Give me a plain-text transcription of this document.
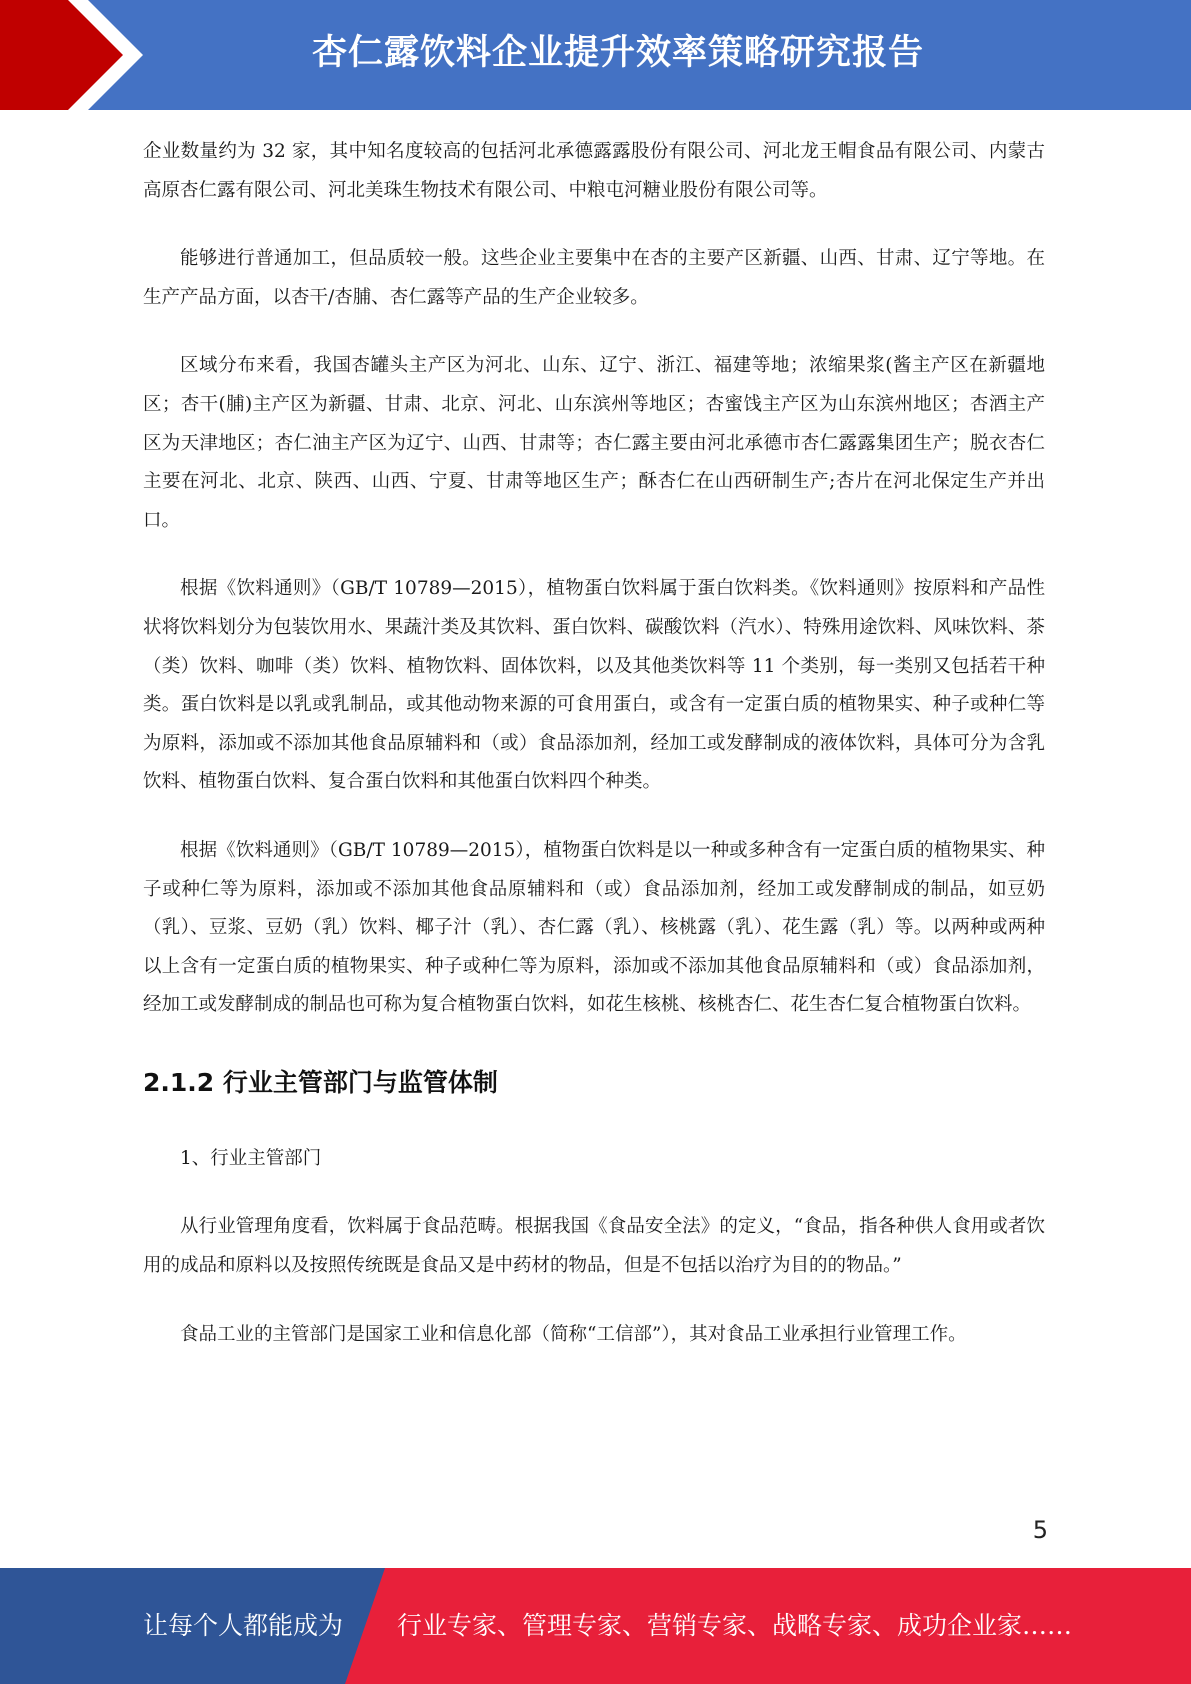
杏仁露饮料企业提升效率策略研究报告

企业数量约为 32 家，其中知名度较高的包括河北承德露露股份有限公司、河北龙王帽食品有限公司、内蒙古高原杏仁露有限公司、河北美珠生物技术有限公司、中粮屯河糖业股份有限公司等。

能够进行普通加工，但品质较一般。这些企业主要集中在杏的主要产区新疆、山西、甘肃、辽宁等地。在生产产品方面，以杏干/杏脯、杏仁露等产品的生产企业较多。

区域分布来看，我国杏罐头主产区为河北、山东、辽宁、浙江、福建等地；浓缩果浆(酱主产区在新疆地区；杏干(脯)主产区为新疆、甘肃、北京、河北、山东滨州等地区；杏蜜饯主产区为山东滨州地区；杏酒主产区为天津地区；杏仁油主产区为辽宁、山西、甘肃等；杏仁露主要由河北承德市杏仁露露集团生产；脱衣杏仁主要在河北、北京、陕西、山西、宁夏、甘肃等地区生产；酥杏仁在山西研制生产;杏片在河北保定生产并出口。

根据《饮料通则》（GB/T 10789—2015），植物蛋白饮料属于蛋白饮料类。《饮料通则》按原料和产品性状将饮料划分为包装饮用水、果蔬汁类及其饮料、蛋白饮料、碳酸饮料（汽水）、特殊用途饮料、风味饮料、茶（类）饮料、咖啡（类）饮料、植物饮料、固体饮料，以及其他类饮料等 11 个类别，每一类别又包括若干种类。蛋白饮料是以乳或乳制品，或其他动物来源的可食用蛋白，或含有一定蛋白质的植物果实、种子或种仁等为原料，添加或不添加其他食品原辅料和（或）食品添加剂，经加工或发酵制成的液体饮料，具体可分为含乳饮料、植物蛋白饮料、复合蛋白饮料和其他蛋白饮料四个种类。

根据《饮料通则》（GB/T 10789—2015），植物蛋白饮料是以一种或多种含有一定蛋白质的植物果实、种子或种仁等为原料，添加或不添加其他食品原辅料和（或）食品添加剂，经加工或发酵制成的制品，如豆奶（乳）、豆浆、豆奶（乳）饮料、椰子汁（乳）、杏仁露（乳）、核桃露（乳）、花生露（乳）等。以两种或两种以上含有一定蛋白质的植物果实、种子或种仁等为原料，添加或不添加其他食品原辅料和（或）食品添加剂，经加工或发酵制成的制品也可称为复合植物蛋白饮料，如花生核桃、核桃杏仁、花生杏仁复合植物蛋白饮料。

2.1.2 行业主管部门与监管体制

1、行业主管部门

从行业管理角度看，饮料属于食品范畴。根据我国《食品安全法》的定义，“食品，指各种供人食用或者饮用的成品和原料以及按照传统既是食品又是中药材的物品，但是不包括以治疗为目的的物品。”

食品工业的主管部门是国家工业和信息化部（简称“工信部”），其对食品工业承担行业管理工作。

5
让每个人都能成为 行业专家、管理专家、营销专家、战略专家、成功企业家……
